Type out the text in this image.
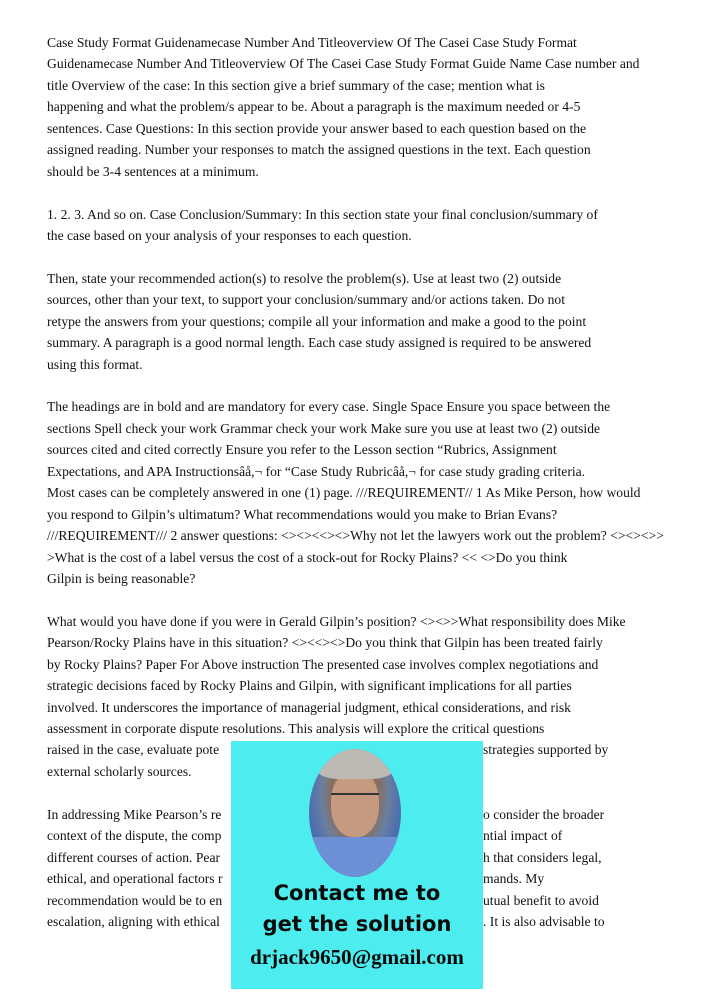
Case Study Format Guidenamecase Number And Titleoverview Of The Casei Case Study Format
Guidenamecase Number And Titleoverview Of The Casei Case Study Format Guide Name Case number and
title Overview of the case: In this section give a brief summary of the case; mention what is
happening and what the problem/s appear to be. About a paragraph is the maximum needed or 4-5
sentences. Case Questions: In this section provide your answer based to each question based on the
assigned reading. Number your responses to match the assigned questions in the text. Each question
should be 3-4 sentences at a minimum.
1. 2. 3. And so on. Case Conclusion/Summary: In this section state your final conclusion/summary of
the case based on your analysis of your responses to each question.
Then, state your recommended action(s) to resolve the problem(s). Use at least two (2) outside
sources, other than your text, to support your conclusion/summary and/or actions taken. Do not
retype the answers from your questions; compile all your information and make a good to the point
summary. A paragraph is a good normal length. Each case study assigned is required to be answered
using this format.
The headings are in bold and are mandatory for every case. Single Space Ensure you space between the
sections Spell check your work Grammar check your work Make sure you use at least two (2) outside
sources cited and cited correctly Ensure you refer to the Lesson section “Rubrics, Assignment
Expectations, and APA Instructionsâå,¬ for “Case Study Rubricâå,¬ for case study grading criteria.
Most cases can be completely answered in one (1) page. ///REQUIREMENT// 1 As Mike Person, how would
you respond to Gilpin’s ultimatum? What recommendations would you make to Brian Evans?
///REQUIREMENT/// 2 answer questions: <><><<><>Why not let the lawyers work out the problem? <><><>>
>What is the cost of a label versus the cost of a stock-out for Rocky Plains? << <>Do you think
Gilpin is being reasonable?
What would you have done if you were in Gerald Gilpin’s position? <><>>What responsibility does Mike
Pearson/Rocky Plains have in this situation? <><<><>Do you think that Gilpin has been treated fairly
by Rocky Plains? Paper For Above instruction The presented case involves complex negotiations and
strategic decisions faced by Rocky Plains and Gilpin, with significant implications for all parties
involved. It underscores the importance of managerial judgment, ethical considerations, and risk
assessment in corporate dispute resolutions. This analysis will explore the critical questions
raised in the case, evaluate pote	strategies supported by
external scholarly sources.
In addressing Mike Pearson’s re	o consider the broader
context of the dispute, the comp	ntial impact of
different courses of action. Pear	h that considers legal,
ethical, and operational factors r	mands. My
recommendation would be to en	utual benefit to avoid
escalation, aligning with ethical	. It is also advisable to
Contact me to
get the solution
drjack9650@gmail.com
